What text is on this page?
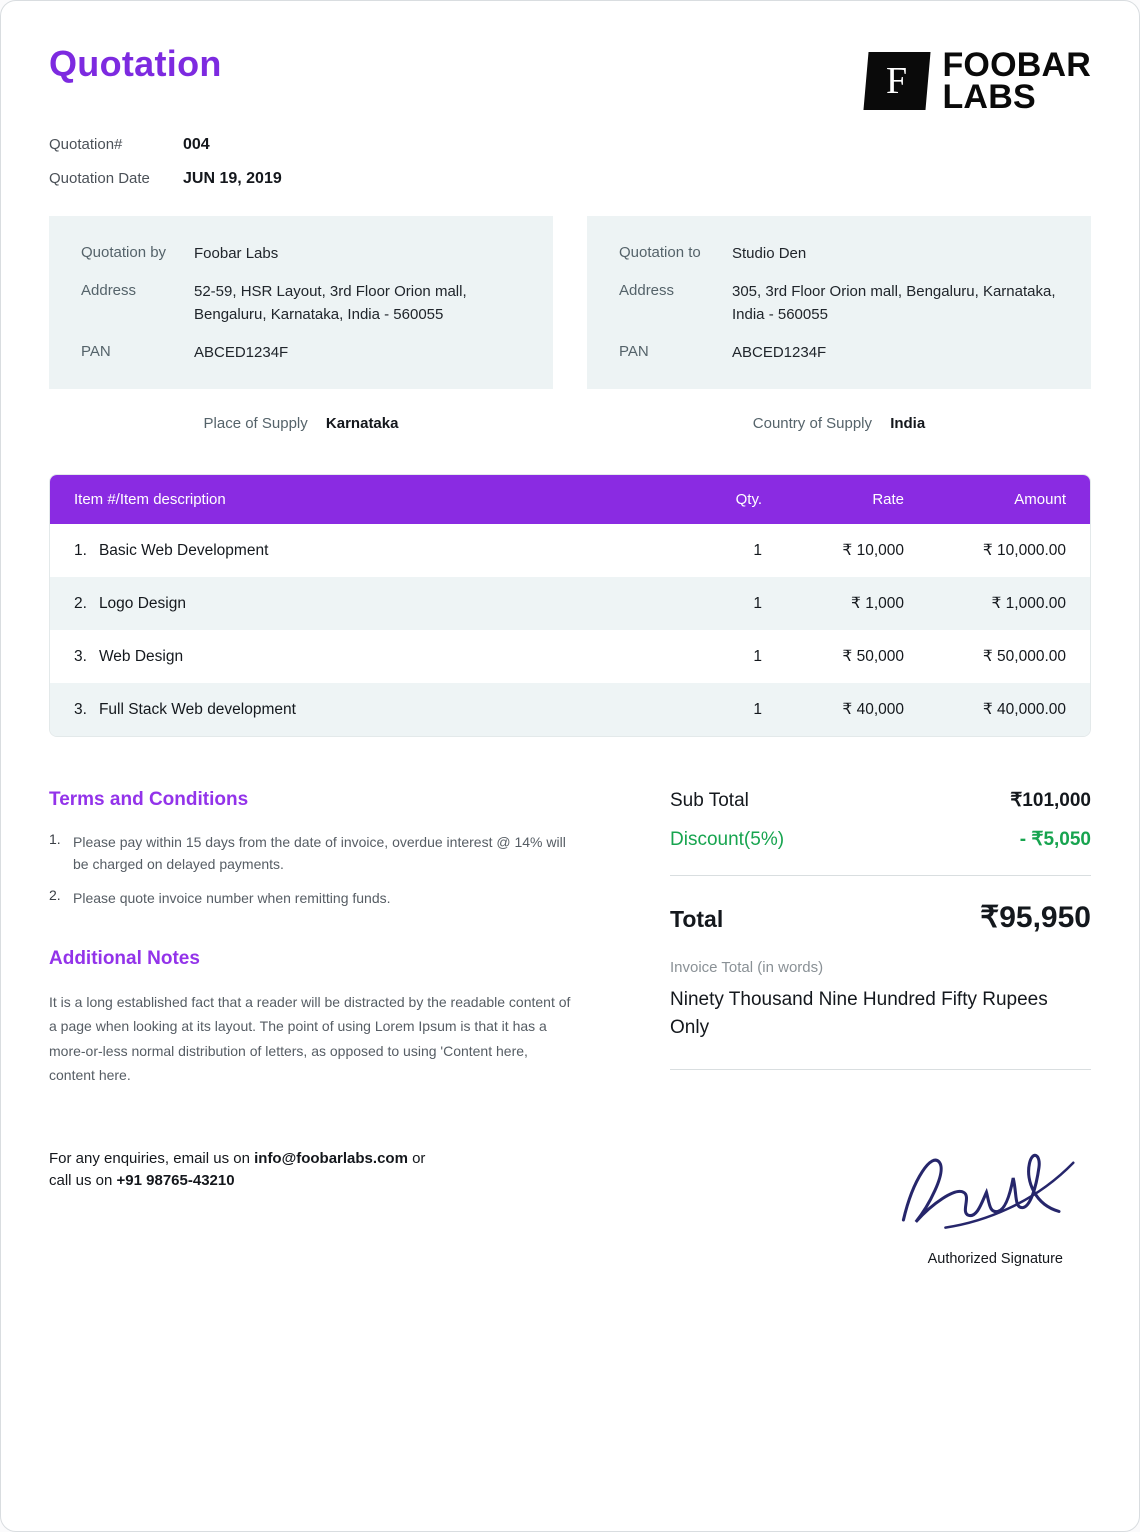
Quotation	F FOOBAR
LABS
Quotation#	004
Quotation Date	JUN 19, 2019
Quotation by	Foobar Labs
Address	52-59, HSR Layout, 3rd Floor Orion mall, Bengaluru, Karnataka, India - 560055
PAN	ABCED1234F
Quotation to	Studio Den
Address	305, 3rd Floor Orion mall, Bengaluru, Karnataka, India - 560055
PAN	ABCED1234F
Place of Supply Karnataka	Country of Supply India
Item #/Item description	Qty.	Rate	Amount
1. Basic Web Development	1	₹ 10,000	₹ 10,000.00
2. Logo Design	1	₹ 1,000	₹ 1,000.00
3. Web Design	1	₹ 50,000	₹ 50,000.00
3. Full Stack Web development	1	₹ 40,000	₹ 40,000.00
Terms and Conditions
1. Please pay within 15 days from the date of invoice, overdue interest @ 14% will be charged on delayed payments.
2. Please quote invoice number when remitting funds.
Additional Notes
It is a long established fact that a reader will be distracted by the readable content of a page when looking at its layout. The point of using Lorem Ipsum is that it has a more-or-less normal distribution of letters, as opposed to using 'Content here, content here.
For any enquiries, email us on info@foobarlabs.com or
call us on +91 98765-43210
Sub Total	₹101,000
Discount(5%)	- ₹5,050
Total	₹95,950
Invoice Total (in words)
Ninety Thousand Nine Hundred Fifty Rupees Only
Authorized Signature
